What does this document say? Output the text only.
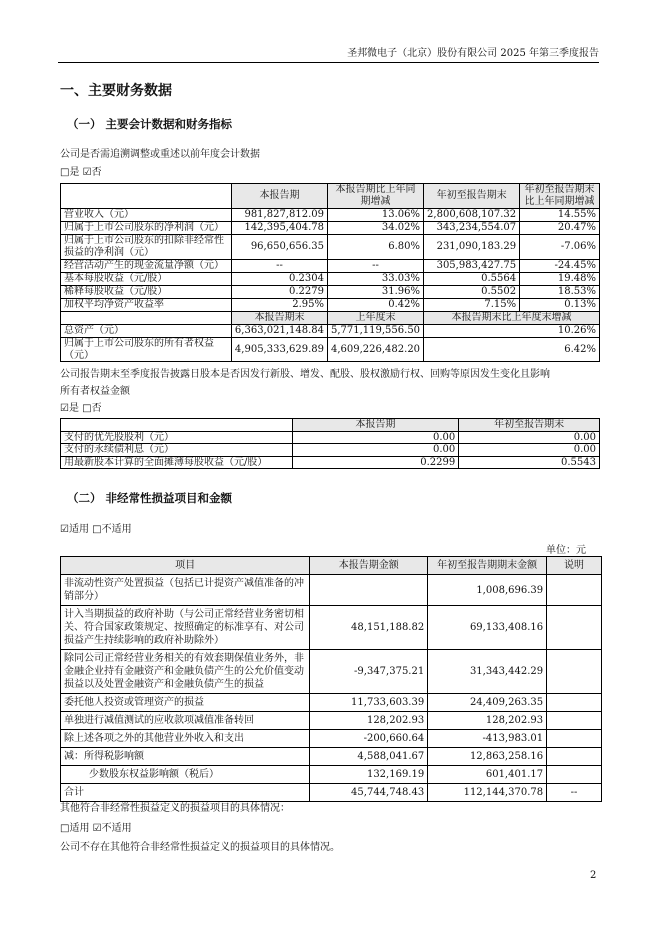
圣邦微电子（北京）股份有限公司 2025 年第三季度报告
一、主要财务数据
（一） 主要会计数据和财务指标

公司是否需追溯调整或重述以前年度会计数据

□是 ☑否

	本报告期	本报告期比上年同期增减	年初至报告期末	年初至报告期末比上年同期增减
营业收入（元）	981,827,812.09	13.06%	2,800,608,107.32	14.55%
归属于上市公司股东的净利润（元）	142,395,404.78	34.02%	343,234,554.07	20.47%
归属于上市公司股东的扣除非经常性损益的净利润（元）	96,650,656.35	6.80%	231,090,183.29	-7.06%
经营活动产生的现金流量净额（元）	--	--	305,983,427.75	-24.45%
基本每股收益（元/股）	0.2304	33.03%	0.5564	19.48%
稀释每股收益（元/股）	0.2279	31.96%	0.5502	18.53%
加权平均净资产收益率	2.95%	0.42%	7.15%	0.13%
	本报告期末	上年度末	本报告期末比上年度末增减	
总资产（元）	6,363,021,148.84	5,771,119,556.50	10.26%	
归属于上市公司股东的所有者权益（元）	4,905,333,629.89	4,609,226,482.20	6.42%	

公司报告期末至季度报告披露日股本是否因发行新股、增发、配股、股权激励行权、回购等原因发生变化且影响所有者权益金额

☑是 □否

	本报告期	年初至报告期末
支付的优先股股利（元）	0.00	0.00
支付的永续债利息（元）	0.00	0.00
用最新股本计算的全面摊薄每股收益（元/股）	0.2299	0.5543
（二） 非经常性损益项目和金额

☑适用 □不适用

单位：元
项目	本报告期金额	年初至报告期期末金额	说明
非流动性资产处置损益（包括已计提资产减值准备的冲销部分）		1,008,696.39	
计入当期损益的政府补助（与公司正常经营业务密切相关、符合国家政策规定、按照确定的标准享有、对公司损益产生持续影响的政府补助除外）	48,151,188.82	69,133,408.16	
除同公司正常经营业务相关的有效套期保值业务外，非金融企业持有金融资产和金融负债产生的公允价值变动损益以及处置金融资产和金融负债产生的损益	-9,347,375.21	31,343,442.29	
委托他人投资或管理资产的损益	11,733,603.39	24,409,263.35	
单独进行减值测试的应收款项减值准备转回	128,202.93	128,202.93	
除上述各项之外的其他营业外收入和支出	-200,660.64	-413,983.01	
减：所得税影响额	4,588,041.67	12,863,258.16	
少数股东权益影响额（税后）	132,169.19	601,401.17	
合计	45,744,748.43	112,144,370.78	--

其他符合非经常性损益定义的损益项目的具体情况：

□适用 ☑不适用

公司不存在其他符合非经常性损益定义的损益项目的具体情况。

2
